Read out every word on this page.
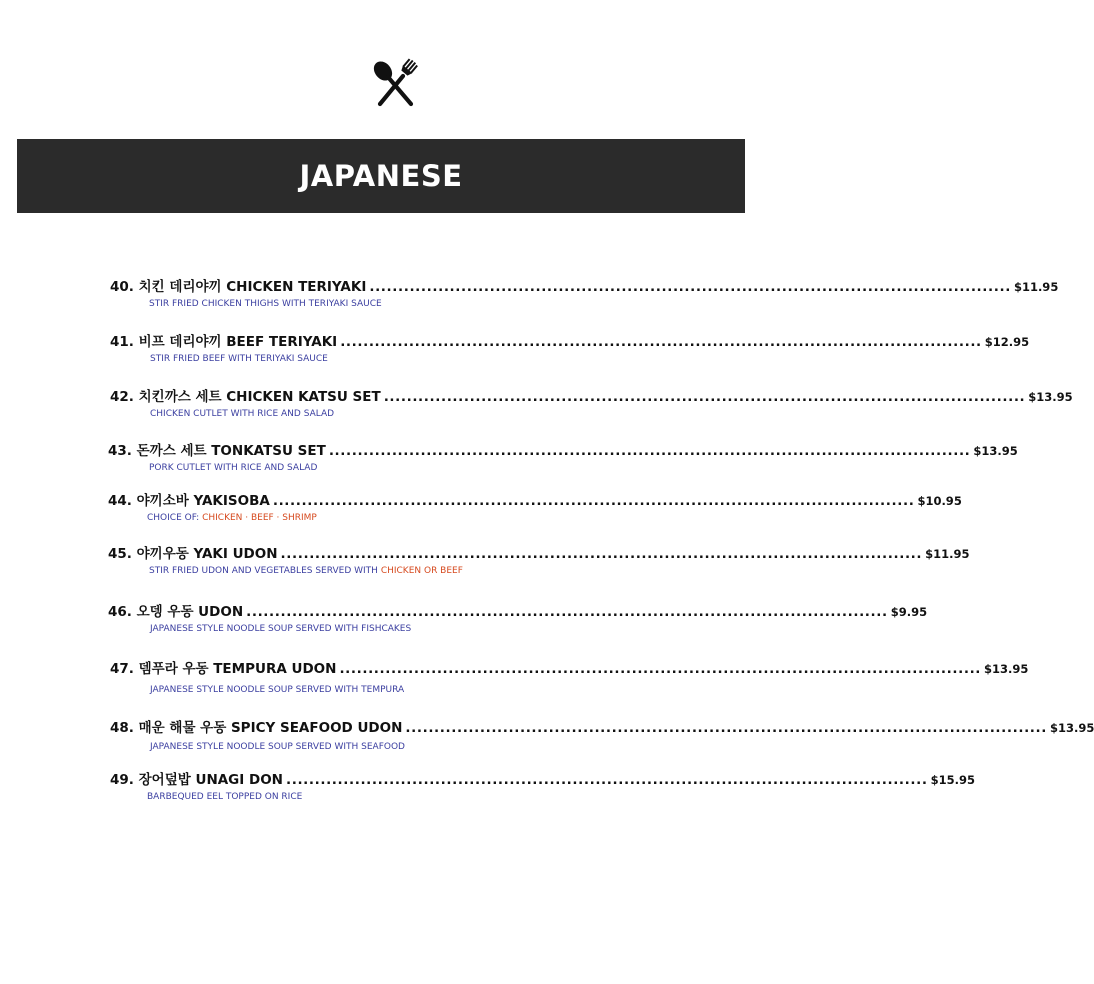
JAPANESE
40. 치킨 데리야끼 CHICKEN TERIYAKI ................................................................................................................ $11.95
STIR FRIED CHICKEN THIGHS WITH TERIYAKI SAUCE
41. 비프 데리야끼 BEEF TERIYAKI ................................................................................................................ $12.95
STIR FRIED BEEF WITH TERIYAKI SAUCE
42. 치킨까스 세트 CHICKEN KATSU SET ................................................................................................................ $13.95
CHICKEN CUTLET WITH RICE AND SALAD
43. 돈까스 세트 TONKATSU SET ................................................................................................................ $13.95
PORK CUTLET WITH RICE AND SALAD
44. 야끼소바 YAKISOBA ................................................................................................................ $10.95
CHOICE OF: CHICKEN · BEEF · SHRIMP
45. 야끼우동 YAKI UDON ................................................................................................................ $11.95
STIR FRIED UDON AND VEGETABLES SERVED WITH CHICKEN OR BEEF
46. 오뎅 우동 UDON ................................................................................................................ $9.95
JAPANESE STYLE NOODLE SOUP SERVED WITH FISHCAKES
47. 뎀푸라 우동 TEMPURA UDON ................................................................................................................ $13.95
JAPANESE STYLE NOODLE SOUP SERVED WITH TEMPURA
48. 매운 해물 우동 SPICY SEAFOOD UDON ................................................................................................................ $13.95
JAPANESE STYLE NOODLE SOUP SERVED WITH SEAFOOD
49. 장어덮밥 UNAGI DON ................................................................................................................ $15.95
BARBEQUED EEL TOPPED ON RICE
